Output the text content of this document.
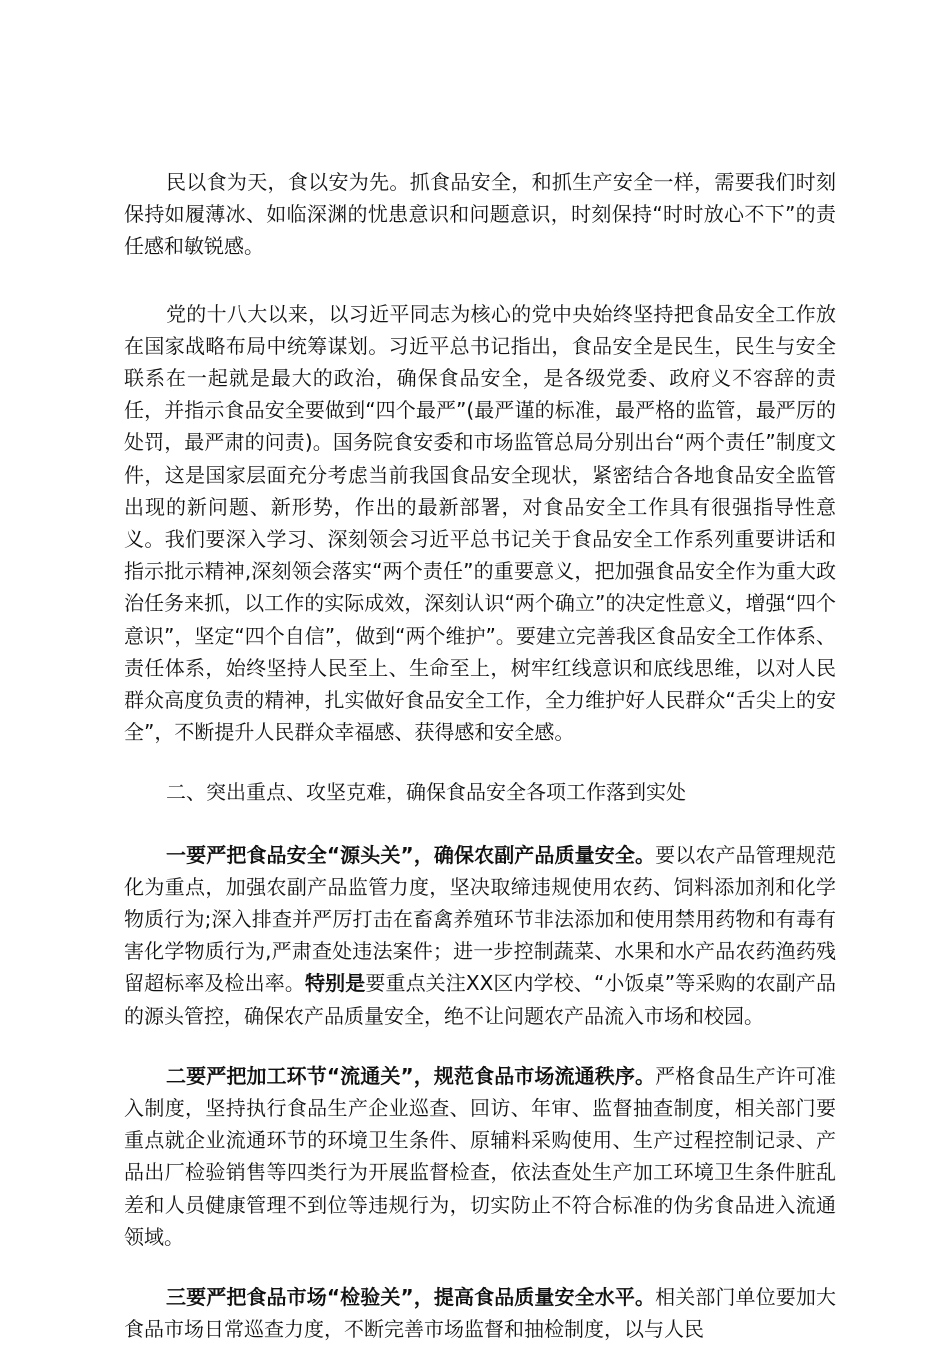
民以食为天，食以安为先。抓食品安全，和抓生产安全一样，需要我们时刻保持如履薄冰、如临深渊的忧患意识和问题意识，时刻保持“时时放心不下”的责任感和敏锐感。

党的十八大以来，以习近平同志为核心的党中央始终坚持把食品安全工作放在国家战略布局中统筹谋划。习近平总书记指出，食品安全是民生，民生与安全联系在一起就是最大的政治，确保食品安全，是各级党委、政府义不容辞的责任，并指示食品安全要做到“四个最严”(最严谨的标准，最严格的监管，最严厉的处罚，最严肃的问责)。国务院食安委和市场监管总局分别出台“两个责任”制度文件，这是国家层面充分考虑当前我国食品安全现状，紧密结合各地食品安全监管出现的新问题、新形势，作出的最新部署，对食品安全工作具有很强指导性意义。我们要深入学习、深刻领会习近平总书记关于食品安全工作系列重要讲话和指示批示精神,深刻领会落实“两个责任”的重要意义，把加强食品安全作为重大政治任务来抓，以工作的实际成效，深刻认识“两个确立”的决定性意义，增强“四个意识”，坚定“四个自信”，做到“两个维护”。要建立完善我区食品安全工作体系、责任体系，始终坚持人民至上、生命至上，树牢红线意识和底线思维，以对人民群众高度负责的精神，扎实做好食品安全工作，全力维护好人民群众“舌尖上的安全”，不断提升人民群众幸福感、获得感和安全感。

二、突出重点、攻坚克难，确保食品安全各项工作落到实处

一要严把食品安全“源头关”，确保农副产品质量安全。要以农产品管理规范化为重点，加强农副产品监管力度，坚决取缔违规使用农药、饲料添加剂和化学物质行为;深入排查并严厉打击在畜禽养殖环节非法添加和使用禁用药物和有毒有害化学物质行为,严肃查处违法案件；进一步控制蔬菜、水果和水产品农药渔药残留超标率及检出率。特别是要重点关注XX区内学校、“小饭桌”等采购的农副产品的源头管控，确保农产品质量安全，绝不让问题农产品流入市场和校园。

二要严把加工环节“流通关”，规范食品市场流通秩序。严格食品生产许可准入制度，坚持执行食品生产企业巡查、回访、年审、监督抽查制度，相关部门要重点就企业流通环节的环境卫生条件、原辅料采购使用、生产过程控制记录、产品出厂检验销售等四类行为开展监督检查，依法查处生产加工环境卫生条件脏乱差和人员健康管理不到位等违规行为，切实防止不符合标准的伪劣食品进入流通领域。

三要严把食品市场“检验关”，提高食品质量安全水平。相关部门单位要加大食品市场日常巡查力度，不断完善市场监督和抽检制度，以与人民
